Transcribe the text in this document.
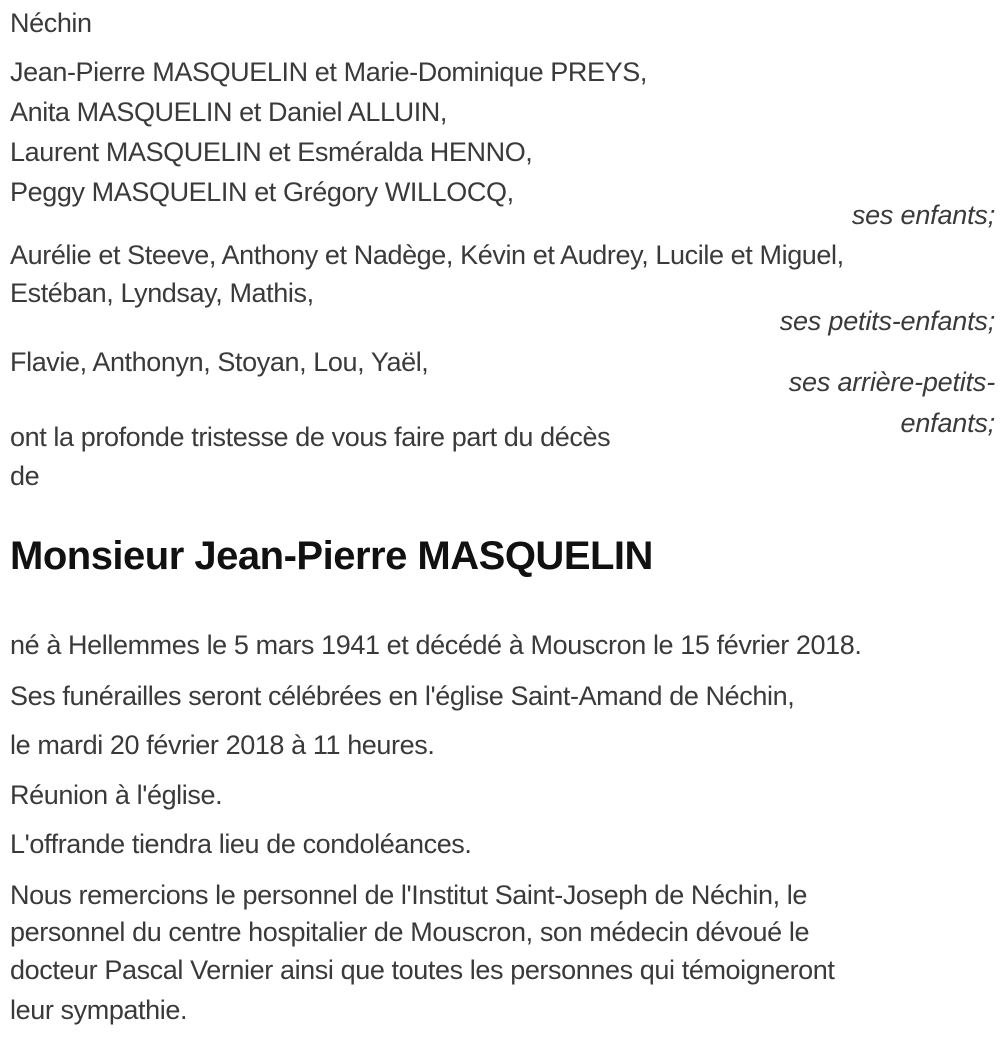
Néchin
Jean-Pierre MASQUELIN et Marie-Dominique PREYS,
Anita MASQUELIN et Daniel ALLUIN,
Laurent MASQUELIN et Esméralda HENNO,
Peggy MASQUELIN et Grégory WILLOCQ,
ses enfants;
Aurélie et Steeve, Anthony et Nadège, Kévin et Audrey, Lucile et Miguel,
Estéban, Lyndsay, Mathis,
ses petits-enfants;
Flavie, Anthonyn, Stoyan, Lou, Yaël,
ses arrière-petits-
enfants;
ont la profonde tristesse de vous faire part du décès
de
Monsieur Jean-Pierre MASQUELIN
né à Hellemmes le 5 mars 1941 et décédé à Mouscron le 15 février 2018.
Ses funérailles seront célébrées en l'église Saint-Amand de Néchin,
le mardi 20 février 2018 à 11 heures.
Réunion à l'église.
L'offrande tiendra lieu de condoléances.
Nous remercions le personnel de l'Institut Saint-Joseph de Néchin, le
personnel du centre hospitalier de Mouscron, son médecin dévoué le
docteur Pascal Vernier ainsi que toutes les personnes qui témoigneront
leur sympathie.
